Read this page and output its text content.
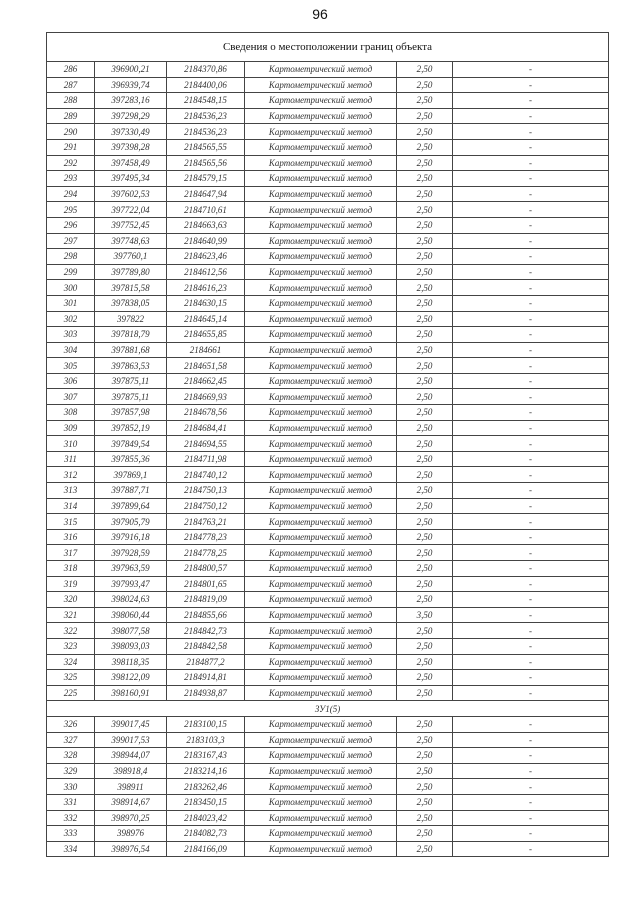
96
Сведения о местоположении границ объекта					
286	396900,21	2184370,86	Картометрический метод	2,50	-
287	396939,74	2184400,06	Картометрический метод	2,50	-
288	397283,16	2184548,15	Картометрический метод	2,50	-
289	397298,29	2184536,23	Картометрический метод	2,50	-
290	397330,49	2184536,23	Картометрический метод	2,50	-
291	397398,28	2184565,55	Картометрический метод	2,50	-
292	397458,49	2184565,56	Картометрический метод	2,50	-
293	397495,34	2184579,15	Картометрический метод	2,50	-
294	397602,53	2184647,94	Картометрический метод	2,50	-
295	397722,04	2184710,61	Картометрический метод	2,50	-
296	397752,45	2184663,63	Картометрический метод	2,50	-
297	397748,63	2184640,99	Картометрический метод	2,50	-
298	397760,1	2184623,46	Картометрический метод	2,50	-
299	397789,80	2184612,56	Картометрический метод	2,50	-
300	397815,58	2184616,23	Картометрический метод	2,50	-
301	397838,05	2184630,15	Картометрический метод	2,50	-
302	397822	2184645,14	Картометрический метод	2,50	-
303	397818,79	2184655,85	Картометрический метод	2,50	-
304	397881,68	2184661	Картометрический метод	2,50	-
305	397863,53	2184651,58	Картометрический метод	2,50	-
306	397875,11	2184662,45	Картометрический метод	2,50	-
307	397875,11	2184669,93	Картометрический метод	2,50	-
308	397857,98	2184678,56	Картометрический метод	2,50	-
309	397852,19	2184684,41	Картометрический метод	2,50	-
310	397849,54	2184694,55	Картометрический метод	2,50	-
311	397855,36	2184711,98	Картометрический метод	2,50	-
312	397869,1	2184740,12	Картометрический метод	2,50	-
313	397887,71	2184750,13	Картометрический метод	2,50	-
314	397899,64	2184750,12	Картометрический метод	2,50	-
315	397905,79	2184763,21	Картометрический метод	2,50	-
316	397916,18	2184778,23	Картометрический метод	2,50	-
317	397928,59	2184778,25	Картометрический метод	2,50	-
318	397963,59	2184800,57	Картометрический метод	2,50	-
319	397993,47	2184801,65	Картометрический метод	2,50	-
320	398024,63	2184819,09	Картометрический метод	2,50	-
321	398060,44	2184855,66	Картометрический метод	3,50	-
322	398077,58	2184842,73	Картометрический метод	2,50	-
323	398093,03	2184842,58	Картометрический метод	2,50	-
324	398118,35	2184877,2	Картометрический метод	2,50	-
325	398122,09	2184914,81	Картометрический метод	2,50	-
225	398160,91	2184938,87	Картометрический метод	2,50	-
ЗУ1(5)					
326	399017,45	2183100,15	Картометрический метод	2,50	-
327	399017,53	2183103,3	Картометрический метод	2,50	-
328	398944,07	2183167,43	Картометрический метод	2,50	-
329	398918,4	2183214,16	Картометрический метод	2,50	-
330	398911	2183262,46	Картометрический метод	2,50	-
331	398914,67	2183450,15	Картометрический метод	2,50	-
332	398970,25	2184023,42	Картометрический метод	2,50	-
333	398976	2184082,73	Картометрический метод	2,50	-
334	398976,54	2184166,09	Картометрический метод	2,50	-
